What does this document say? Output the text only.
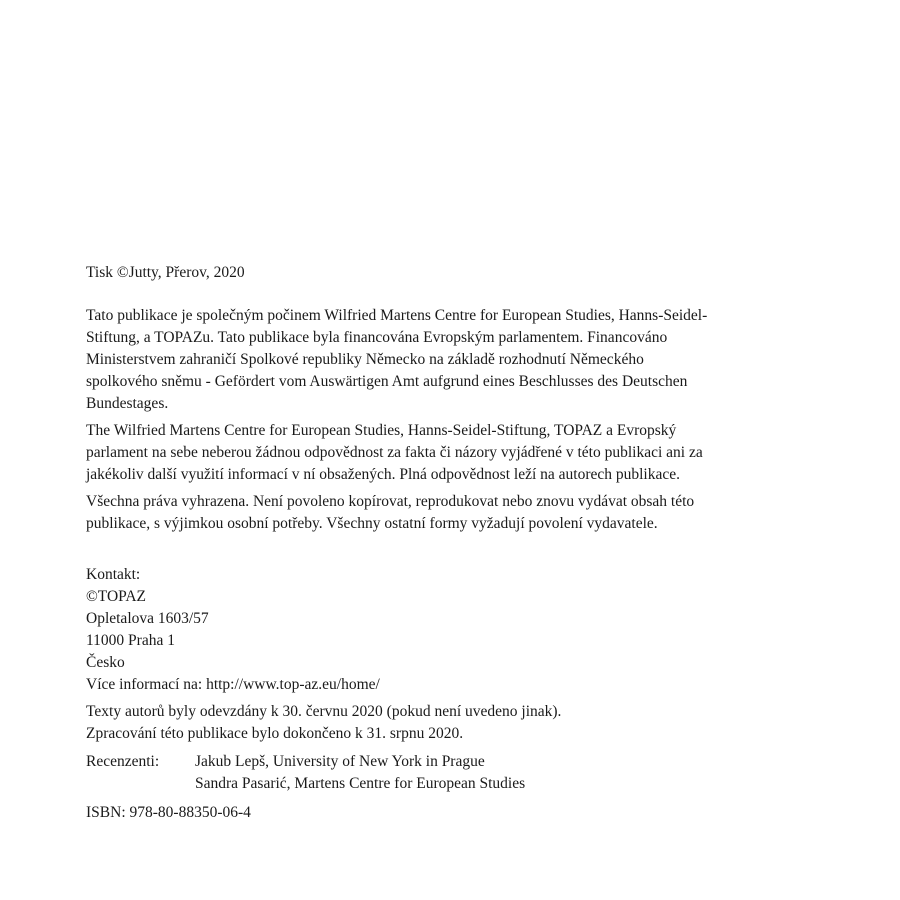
Tisk ©Jutty, Přerov, 2020
Tato publikace je společným počinem Wilfried Martens Centre for European Studies, Hanns-Seidel-
Stiftung, a TOPAZu. Tato publikace byla financována Evropským parlamentem. Financováno
Ministerstvem zahraničí Spolkové republiky Německo na základě rozhodnutí Německého
spolkového sněmu - Gefördert vom Auswärtigen Amt aufgrund eines Beschlusses des Deutschen
Bundestages.
The Wilfried Martens Centre for European Studies, Hanns-Seidel-Stiftung, TOPAZ a Evropský
parlament na sebe neberou žádnou odpovědnost za fakta či názory vyjádřené v této publikaci ani za
jakékoliv další využití informací v ní obsažených. Plná odpovědnost leží na autorech publikace.
Všechna práva vyhrazena. Není povoleno kopírovat, reprodukovat nebo znovu vydávat obsah této
publikace, s výjimkou osobní potřeby. Všechny ostatní formy vyžadují povolení vydavatele.
Kontakt:
©TOPAZ
Opletalova 1603/57
11000 Praha 1
Česko
Více informací na: http://www.top-az.eu/home/
Texty autorů byly odevzdány k 30. červnu 2020 (pokud není uvedeno jinak).
Zpracování této publikace bylo dokončeno k 31. srpnu 2020.
Recenzenti:	Jakub Lepš, University of New York in Prague
Sandra Pasarić, Martens Centre for European Studies
ISBN: 978-80-88350-06-4
